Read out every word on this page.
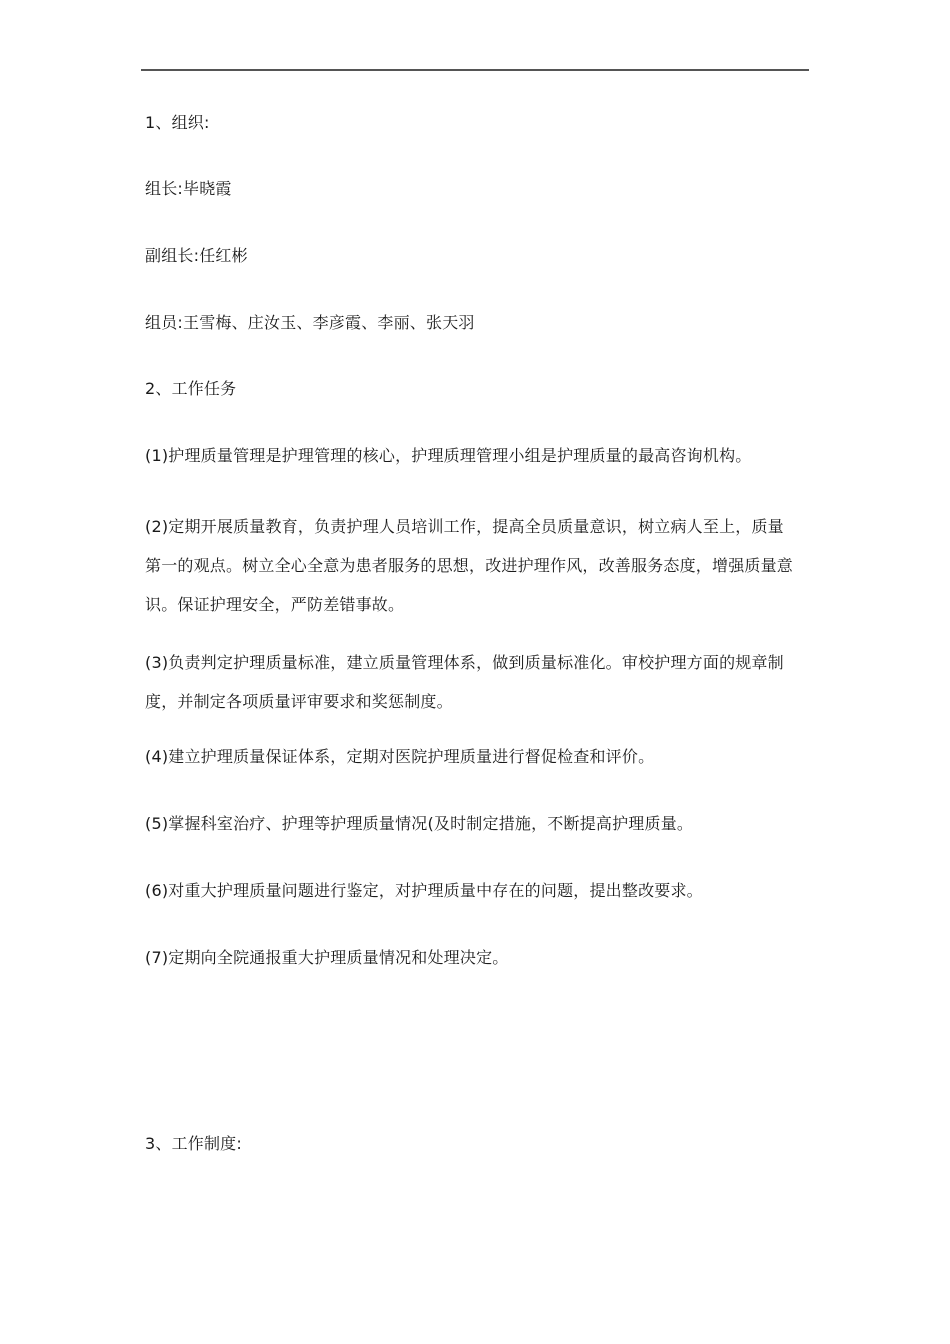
1、组织:
组长:毕晓霞
副组长:任红彬
组员:王雪梅、庄汝玉、李彦霞、李丽、张天羽
2、工作任务
(1)护理质量管理是护理管理的核心，护理质理管理小组是护理质量的最高咨询机构。
(2)定期开展质量教育，负责护理人员培训工作，提高全员质量意识，树立病人至上，质量
第一的观点。树立全心全意为患者服务的思想，改进护理作风，改善服务态度，增强质量意
识。保证护理安全，严防差错事故。
(3)负责判定护理质量标准，建立质量管理体系，做到质量标准化。审校护理方面的规章制
度，并制定各项质量评审要求和奖惩制度。
(4)建立护理质量保证体系，定期对医院护理质量进行督促检查和评价。
(5)掌握科室治疗、护理等护理质量情况(及时制定措施，不断提高护理质量。
(6)对重大护理质量问题进行鉴定，对护理质量中存在的问题，提出整改要求。
(7)定期向全院通报重大护理质量情况和处理决定。
3、工作制度:
